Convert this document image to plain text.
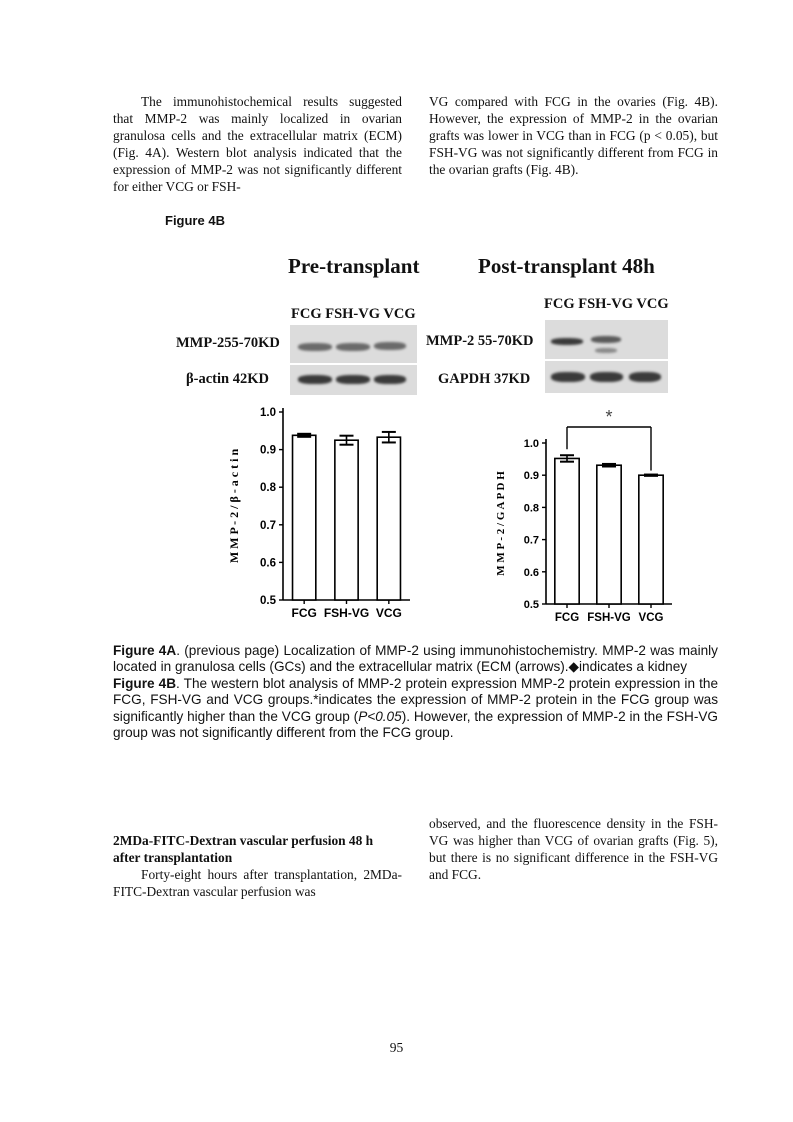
The immunohistochemical results suggested that MMP-2 was mainly localized in ovarian granulosa cells and the extracellular matrix (ECM) (Fig. 4A). Western blot analysis indicated that the expression of MMP-2 was not significantly different for either VCG or FSH-

VG compared with FCG in the ovaries (Fig. 4B). However, the expression of MMP-2 in the ovarian grafts was lower in VCG than in FCG (p < 0.05), but FSH-VG was not significantly different from FCG in the ovarian grafts (Fig. 4B).

Figure 4B
Pre-transplant	Post-transplant 48h
FCG FSH-VG VCG
FCG FSH-VG VCG
MMP-255-70KD
β-actin 42KD
MMP-2 55-70KD
GAPDH 37KD
0.5
0.6
0.7
0.8
0.9
1.0
M M P - 2 / β - a c t i n
FCG FSH-VG VCG
0.5
0.6
0.7
0.8
0.9
1.0
M M P - 2 / G A P D H
FCG FSH-VG VCG
*

Figure 4A. (previous page) Localization of MMP-2 using immunohistochemistry. MMP-2 was mainly located in granulosa cells (GCs) and the extracellular matrix (ECM (arrows).◆indicates a kidney

Figure 4B. The western blot analysis of MMP-2 protein expression MMP-2 protein expression in the FCG, FSH-VG and VCG groups.*indicates the expression of MMP-2 protein in the FCG group was significantly higher than the VCG group (P<0.05). However, the expression of MMP-2 in the FSH-VG group was not significantly different from the FCG group.

2MDa-FITC-Dextran vascular perfusion 48 h after transplantation

Forty-eight hours after transplantation, 2MDa-FITC-Dextran vascular perfusion was

observed, and the fluorescence density in the FSH-VG was higher than VCG of ovarian grafts (Fig. 5), but there is no significant difference in the FSH-VG and FCG.

95
